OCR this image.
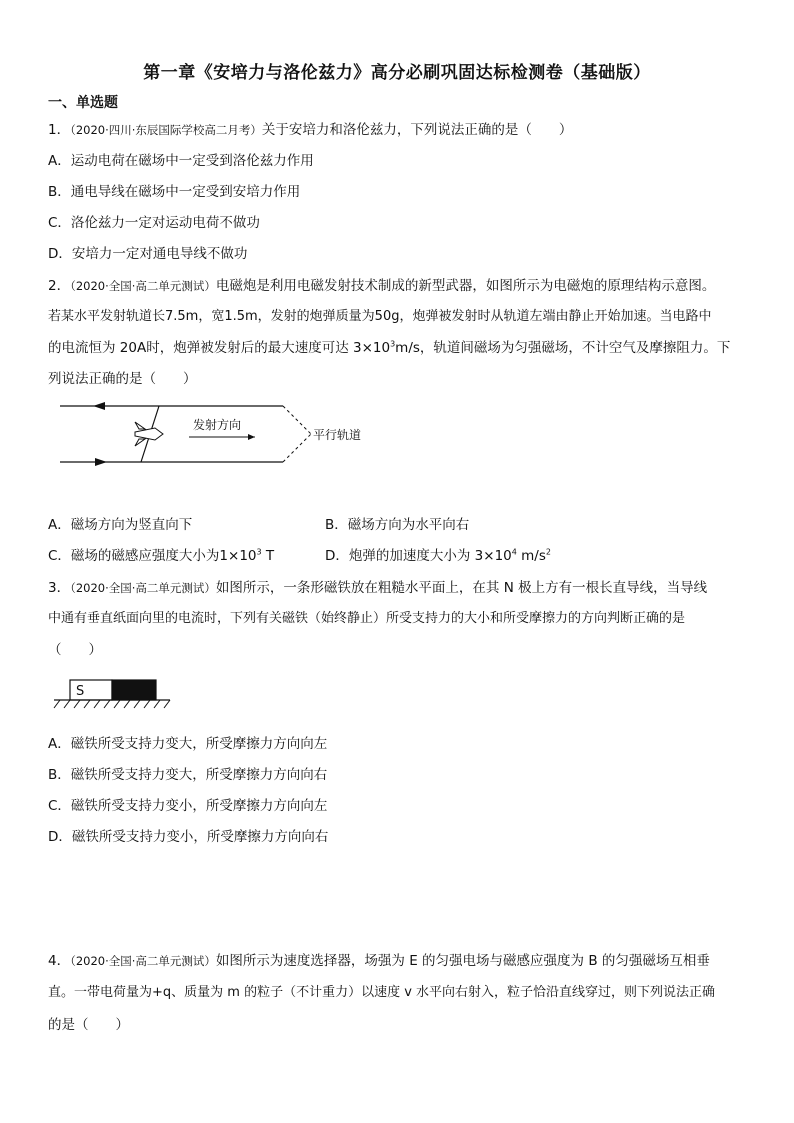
第一章《安培力与洛伦兹力》高分必刷巩固达标检测卷（基础版）
一、单选题
1．（2020·四川·东辰国际学校高二月考）关于安培力和洛伦兹力，下列说法正确的是（　　）
A．运动电荷在磁场中一定受到洛伦兹力作用
B．通电导线在磁场中一定受到安培力作用
C．洛伦兹力一定对运动电荷不做功
D．安培力一定对通电导线不做功
2．（2020·全国·高二单元测试）电磁炮是利用电磁发射技术制成的新型武器，如图所示为电磁炮的原理结构示意图。
若某水平发射轨道长7.5m，宽1.5m，发射的炮弹质量为50g，炮弹被发射时从轨道左端由静止开始加速。当电路中
的电流恒为 20A时，炮弹被发射后的最大速度可达 $3\times 10^3m/s$，轨道间磁场为匀强磁场，不计空气及摩擦阻力。下
列说法正确的是（　　）
发射方向
平行轨道
A．磁场方向为竖直向下	B．磁场方向为水平向右
C．磁场的磁感应强度大小为$1\times 10^3$ T	D．炮弹的加速度大小为 $3\times 10^4$ $m/s^2$
3．（2020·全国·高二单元测试）如图所示，一条形磁铁放在粗糙水平面上，在其 N 极上方有一根长直导线，当导线
中通有垂直纸面向里的电流时，下列有关磁铁（始终静止）所受支持力的大小和所受摩擦力的方向判断正确的是
（　　）
S
A．磁铁所受支持力变大，所受摩擦力方向向左
B．磁铁所受支持力变大，所受摩擦力方向向右
C．磁铁所受支持力变小，所受摩擦力方向向左
D．磁铁所受支持力变小，所受摩擦力方向向右
4．（2020·全国·高二单元测试）如图所示为速度选择器，场强为 E 的匀强电场与磁感应强度为 B 的匀强磁场互相垂
直。一带电荷量为+q、质量为 m 的粒子（不计重力）以速度 v 水平向右射入，粒子恰沿直线穿过，则下列说法正确
的是（　　）
